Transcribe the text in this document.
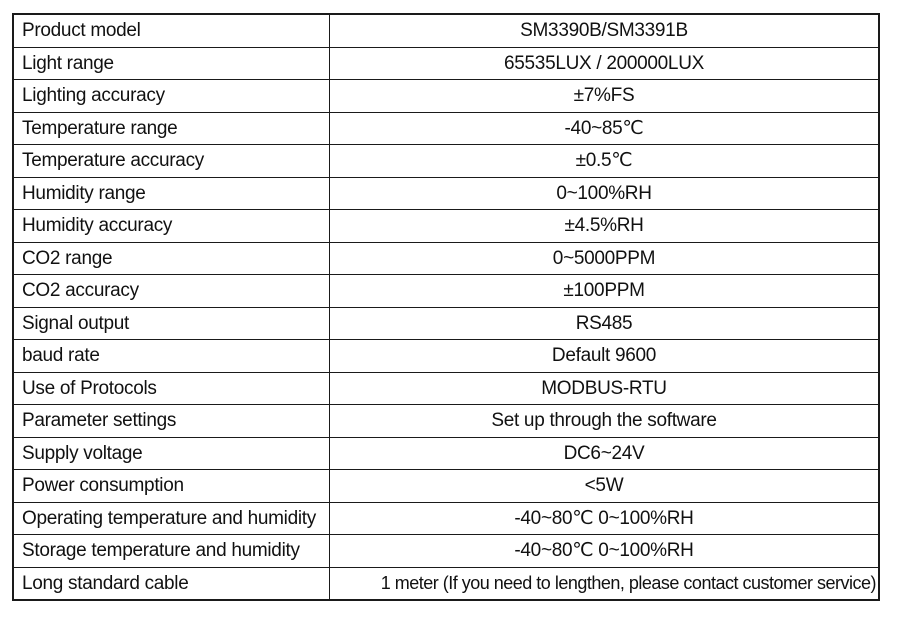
Product model	SM3390B/SM3391B
Light range	65535LUX / 200000LUX
Lighting accuracy	±7%FS
Temperature range	-40~85℃
Temperature accuracy	±0.5℃
Humidity range	0~100%RH
Humidity accuracy	±4.5%RH
CO2 range	0~5000PPM
CO2 accuracy	±100PPM
Signal output	RS485
baud rate	Default 9600
Use of Protocols	MODBUS-RTU
Parameter settings	Set up through the software
Supply voltage	DC6~24V
Power consumption	<5W
Operating temperature and humidity	-40~80℃ 0~100%RH
Storage temperature and humidity	-40~80℃ 0~100%RH
Long standard cable	1 meter (If you need to lengthen, please contact customer service)
